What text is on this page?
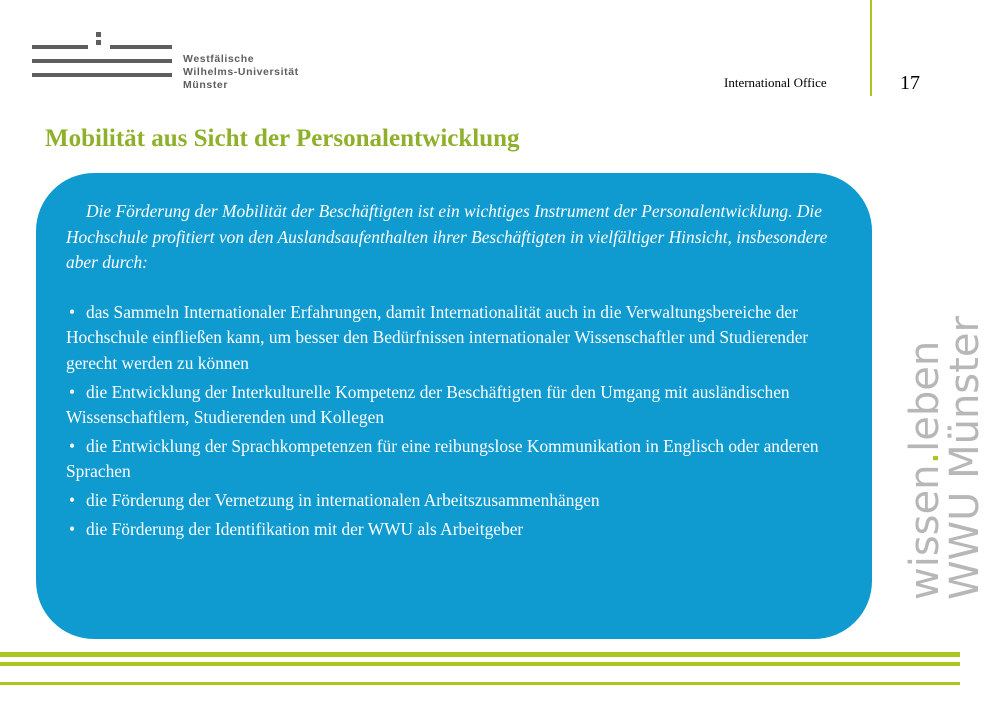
Westfälische
Wilhelms-Universität
Münster	International Office	17
Mobilität aus Sicht der Personalentwicklung

Die Förderung der Mobilität der Beschäftigten ist ein wichtiges Instrument der Personalentwicklung. Die Hochschule profitiert von den Auslandsaufenthalten ihrer Beschäftigten in vielfältiger Hinsicht, insbesondere aber durch:

• das Sammeln Internationaler Erfahrungen, damit Internationalität auch in die Verwaltungsbereiche der Hochschule einfließen kann, um besser den Bedürfnissen internationaler Wissenschaftler und Studierender gerecht werden zu können
• die Entwicklung der Interkulturelle Kompetenz der Beschäftigten für den Umgang mit ausländischen Wissenschaftlern, Studierenden und Kollegen
• die Entwicklung der Sprachkompetenzen für eine reibungslose Kommunikation in Englisch oder anderen Sprachen
• die Förderung der Vernetzung in internationalen Arbeitszusammenhängen
• die Förderung der Identifikation mit der WWU als Arbeitgeber	wissen.leben
WWU Münster
